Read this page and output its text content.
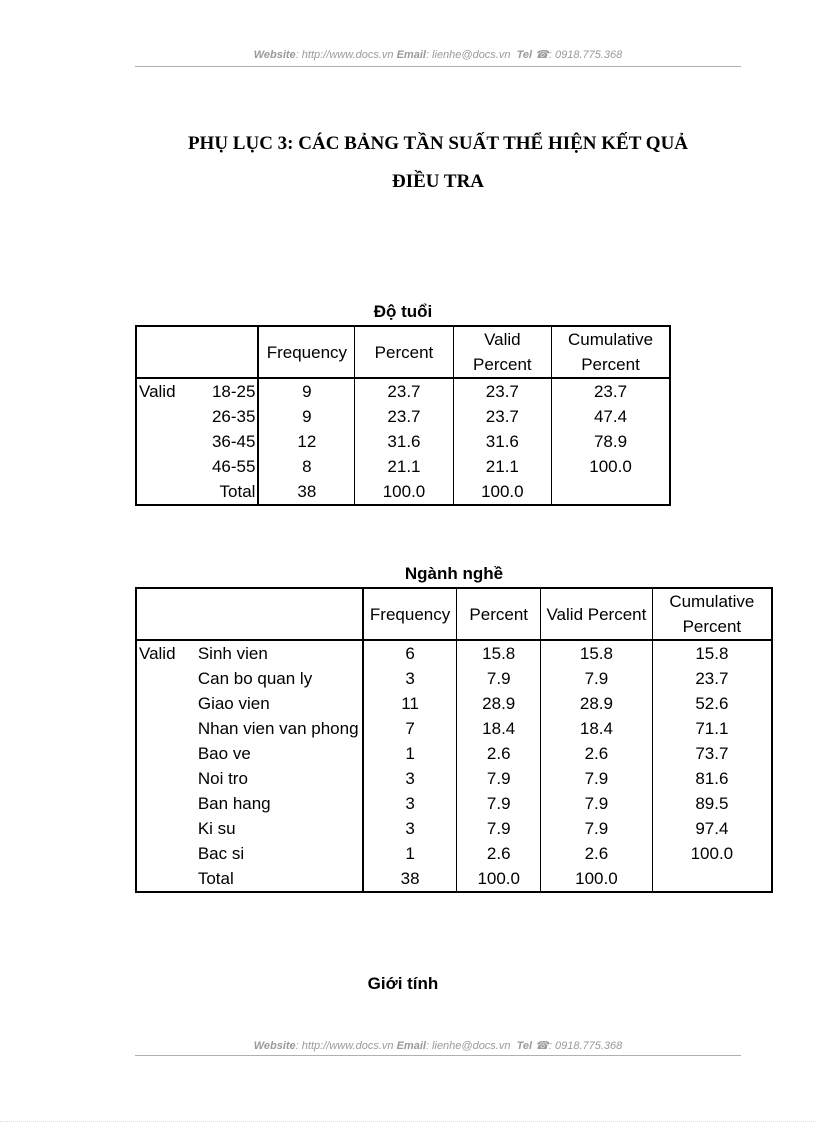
Website: http://www.docs.vn Email: lienhe@docs.vn Tel ☎: 0918.775.368
PHỤ LỤC 3: CÁC BẢNG TẦN SUẤT THỂ HIỆN KẾT QUẢ
ĐIỀU TRA
Độ tuổi
		Frequency	Percent	Valid Percent	Cumulative Percent
Valid	18-25	9	23.7	23.7	23.7
	26-35	9	23.7	23.7	47.4
	36-45	12	31.6	31.6	78.9
	46-55	8	21.1	21.1	100.0
	Total	38	100.0	100.0	
Ngành nghề
		Frequency	Percent	Valid Percent	Cumulative Percent
Valid	Sinh vien	6	15.8	15.8	15.8
	Can bo quan ly	3	7.9	7.9	23.7
	Giao vien	11	28.9	28.9	52.6
	Nhan vien van phong	7	18.4	18.4	71.1
	Bao ve	1	2.6	2.6	73.7
	Noi tro	3	7.9	7.9	81.6
	Ban hang	3	7.9	7.9	89.5
	Ki su	3	7.9	7.9	97.4
	Bac si	1	2.6	2.6	100.0
	Total	38	100.0	100.0	
Giới tính
Website: http://www.docs.vn Email: lienhe@docs.vn Tel ☎: 0918.775.368
